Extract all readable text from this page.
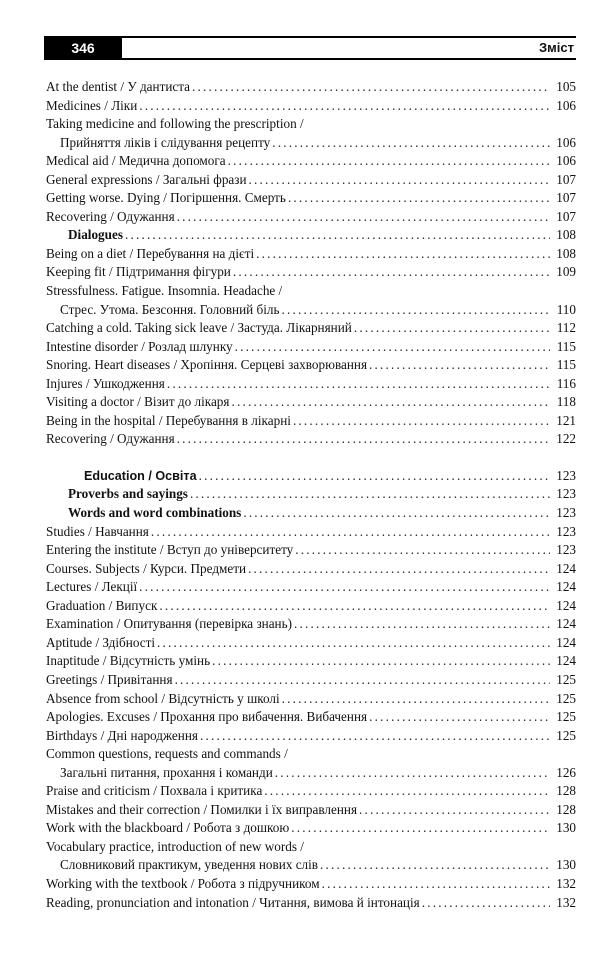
346	Зміст
At the dentist / У дантиста .....	105
Medicines / Ліки .....	106
Taking medicine and following the prescription /
Прийняття ліків і слідування рецепту .....	106
Medical aid / Медична допомога .....	106
General expressions / Загальні фрази .....	107
Getting worse. Dying / Погіршення. Смерть .....	107
Recovering / Одужання .....	107
Dialogues .....	108
Being on a diet / Перебування на дієті .....	108
Keeping fit / Підтримання фігури .....	109
Stressfulness. Fatigue. Insomnia. Headache /
Стрес. Утома. Безсоння. Головний біль .....	110
Catching a cold. Taking sick leave / Застуда. Лікарняний .....	112
Intestine disorder / Розлад шлунку .....	115
Snoring. Heart diseases / Хропіння. Серцеві захворювання .....	115
Injures / Ушкодження .....	116
Visiting a doctor / Візит до лікаря .....	118
Being in the hospital / Перебування в лікарні .....	121
Recovering / Одужання .....	122
Education / Освіта .....	123
Proverbs and sayings .....	123
Words and word combinations .....	123
Studies / Навчання .....	123
Entering the institute / Вступ до університету .....	123
Courses. Subjects / Курси. Предмети .....	124
Lectures / Лекції .....	124
Graduation / Випуск .....	124
Examination / Опитування (перевірка знань) .....	124
Aptitude / Здібності .....	124
Inaptitude / Відсутність умінь .....	124
Greetings / Привітання .....	125
Absence from school / Відсутність у школі .....	125
Apologies. Excuses / Прохання про вибачення. Вибачення .....	125
Birthdays / Дні народження .....	125
Common questions, requests and commands /
Загальні питання, прохання і команди .....	126
Praise and criticism / Похвала і критика .....	128
Mistakes and their correction / Помилки і їх виправлення .....	128
Work with the blackboard / Робота з дошкою .....	130
Vocabulary practice, introduction of new words /
Словниковий практикум, уведення нових слів .....	130
Working with the textbook / Робота з підручником .....	132
Reading, pronunciation and intonation / Читання, вимова й інтонація .....	132
